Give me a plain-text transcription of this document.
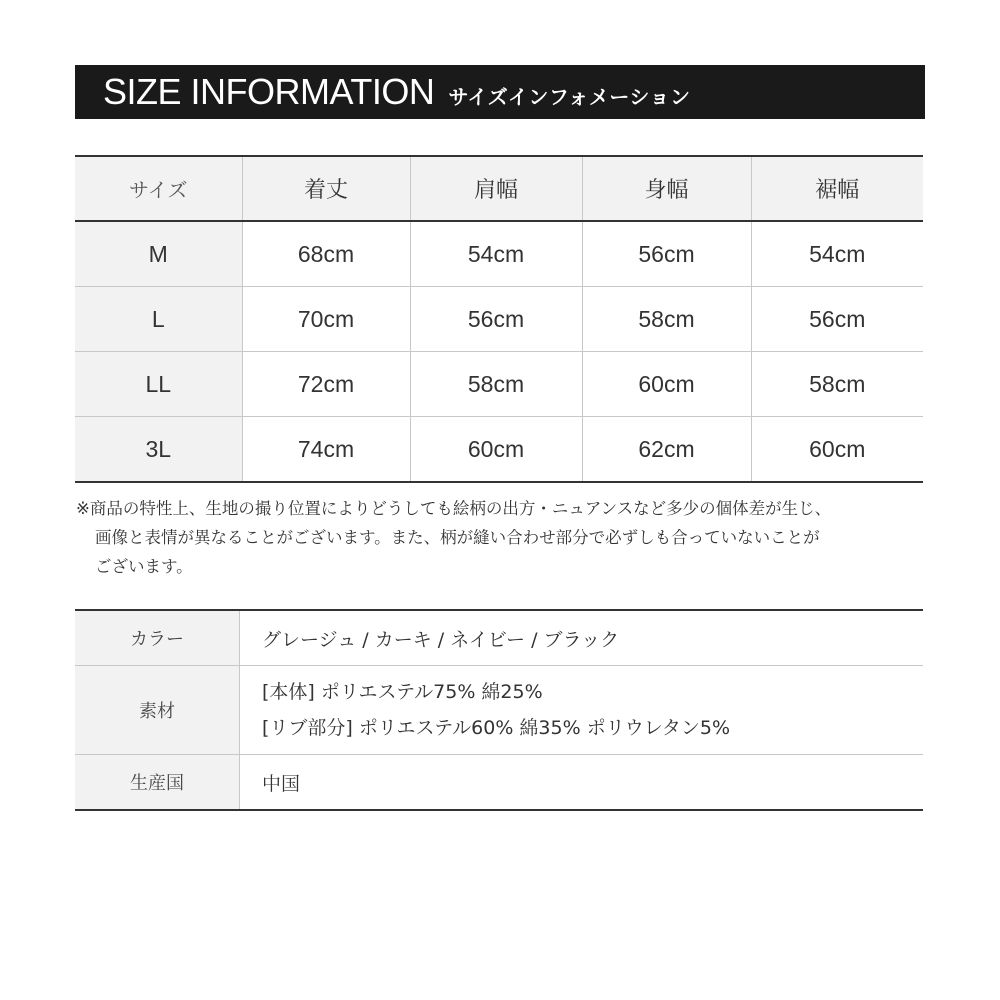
SIZE INFORMATION サイズインフォメーション
サイズ	着丈	肩幅	身幅	裾幅
M	68cm	54cm	56cm	54cm
L	70cm	56cm	58cm	56cm
LL	72cm	58cm	60cm	58cm
3L	74cm	60cm	62cm	60cm
※商品の特性上、生地の撮り位置によりどうしても絵柄の出方・ニュアンスなど多少の個体差が生じ、
画像と表情が異なることがございます。また、柄が縫い合わせ部分で必ずしも合っていないことが
ございます。
カラー	グレージュ / カーキ / ネイビー / ブラック
素材	[本体] ポリエステル75% 綿25%
[リブ部分] ポリエステル60% 綿35% ポリウレタン5%

生産国	中国
